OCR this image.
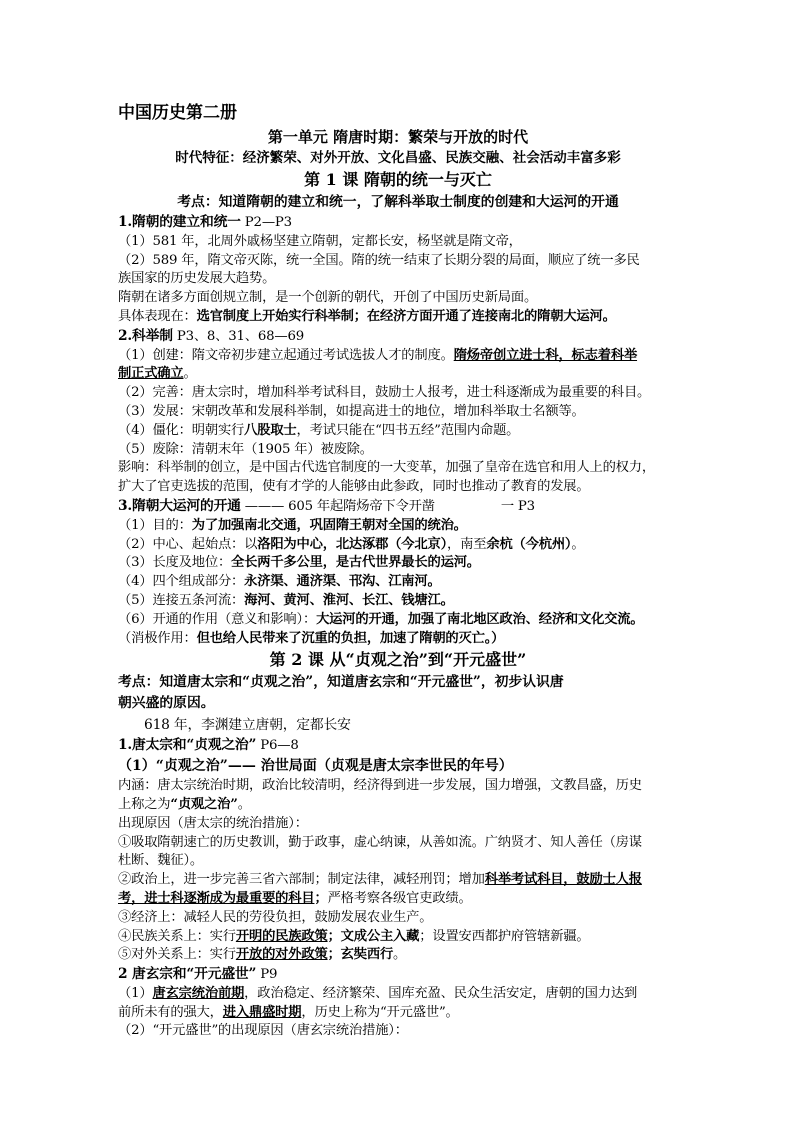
中国历史第二册
第一单元 隋唐时期：繁荣与开放的时代
时代特征：经济繁荣、对外开放、文化昌盛、民族交融、社会活动丰富多彩
第 1 课 隋朝的统一与灭亡
考点：知道隋朝的建立和统一，了解科举取士制度的创建和大运河的开通
1.隋朝的建立和统一 P2—P3
（1）581 年，北周外戚杨坚建立隋朝，定都长安，杨坚就是隋文帝，
（2）589 年，隋文帝灭陈，统一全国。隋的统一结束了长期分裂的局面，顺应了统一多民
族国家的历史发展大趋势。
隋朝在诸多方面创规立制，是一个创新的朝代，开创了中国历史新局面。
具体表现在：选官制度上开始实行科举制；在经济方面开通了连接南北的隋朝大运河。
2.科举制 P3、8、31、68—69
（1）创建：隋文帝初步建立起通过考试选拔人才的制度。隋炀帝创立进士科，标志着科举
制正式确立。
（2）完善：唐太宗时，增加科举考试科目，鼓励士人报考，进士科逐渐成为最重要的科目。
（3）发展：宋朝改革和发展科举制，如提高进士的地位，增加科举取士名额等。
（4）僵化：明朝实行八股取士，考试只能在“四书五经”范围内命题。
（5）废除：清朝末年（1905 年）被废除。
影响：科举制的创立，是中国古代选官制度的一大变革，加强了皇帝在选官和用人上的权力，
扩大了官吏选拔的范围，使有才学的人能够由此参政，同时也推动了教育的发展。
3.隋朝大运河的开通 ——— 605 年起隋炀帝下令开凿	一 P3
（1）目的：为了加强南北交通，巩固隋王朝对全国的统治。
（2）中心、起始点：以洛阳为中心，北达涿郡（今北京），南至余杭（今杭州）。
（3）长度及地位：全长两千多公里，是古代世界最长的运河。
（4）四个组成部分：永济渠、通济渠、邗沟、江南河。
（5）连接五条河流：海河、黄河、淮河、长江、钱塘江。
（6）开通的作用（意义和影响）：大运河的开通，加强了南北地区政治、经济和文化交流。
（消极作用：但也给人民带来了沉重的负担，加速了隋朝的灭亡。）
第 2 课 从“贞观之治”到“开元盛世”
考点：知道唐太宗和“贞观之治”，知道唐玄宗和“开元盛世”，初步认识唐
朝兴盛的原因。
618 年，李渊建立唐朝，定都长安
1.唐太宗和“贞观之治” P6—8
（1）“贞观之治”—— 治世局面（贞观是唐太宗李世民的年号）
内涵：唐太宗统治时期，政治比较清明，经济得到进一步发展，国力增强，文教昌盛，历史
上称之为“贞观之治”。
出现原因（唐太宗的统治措施）：
①吸取隋朝速亡的历史教训，勤于政事，虚心纳谏，从善如流。广纳贤才、知人善任（房谋
杜断、魏征）。
②政治上，进一步完善三省六部制；制定法律，减轻刑罚；增加科举考试科目，鼓励士人报
考，进士科逐渐成为最重要的科目；严格考察各级官吏政绩。
③经济上：减轻人民的劳役负担，鼓励发展农业生产。
④民族关系上：实行开明的民族政策；文成公主入藏；设置安西都护府管辖新疆。
⑤对外关系上：实行开放的对外政策；玄奘西行。
2 唐玄宗和“开元盛世” P9
（1）唐玄宗统治前期，政治稳定、经济繁荣、国库充盈、民众生活安定，唐朝的国力达到
前所未有的强大，进入鼎盛时期，历史上称为“开元盛世”。
（2）“开元盛世”的出现原因（唐玄宗统治措施）：
